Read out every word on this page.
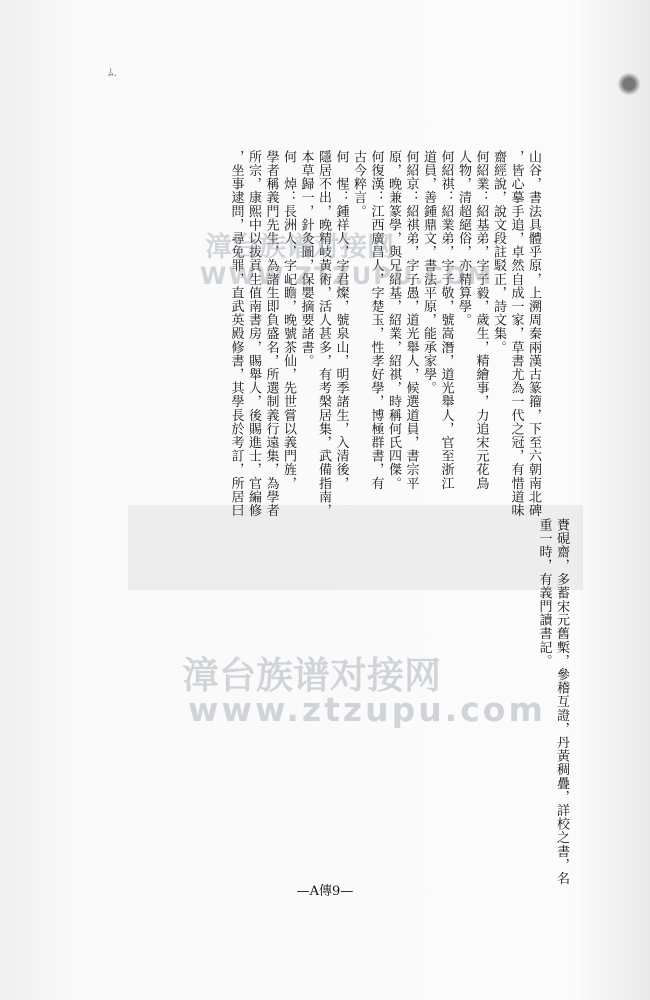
ﾑ.
山谷，書法具體乎原，上溯周秦兩漢古篆籀，下至六朝南北碑
，皆心摹手追，卓然自成一家，草書尤為一代之冠，有惜道味
齋經說，說文段註駁正，詩文集。
何紹業：紹基弟，字子毅，歲生，精繪事，力追宋元花鳥
人物，清超絕俗，亦精算學。
何紹祺：紹業弟，字子敬，號嵩潛，道光舉人，官至浙江
道員，善鍾鼎文，書法平原，能承家學。
何紹京：紹祺弟，字子愚，道光舉人，候選道員，書宗平
原，晚兼篆學，與兄紹基，紹業，紹祺，時稱何氏四傑。
何復漢：江西廣昌人，字楚玉，性孝好學，博極群書，有
古今粹言。
何　惺：鍾祥人，字君燦，號泉山，明季諸生，入清後，
隱居不出，晚精岐黃術，活人甚多，有考槃居集，武備指南，
本草歸一，針灸圖，保嬰摘要諸書。
何　焯：長洲人，字屺瞻，晚號茶仙，先世嘗以義門旌，
學者稱義門先生，為諸生即負盛名，所選制義行遠集，為學者
所宗，康熙中以拔貢生值南書房，賜舉人，後賜進士，官編修
，坐事逮問，尋免罪，直武英殿修書，其學長於考訂，所居曰
賚硯齋，多蓄宋元舊槧，參稽互證，丹黃稠疊，詳校之書，名
重一時，有義門讀書記。
漳台族谱对接网
WWW.ZTZUPU.COM
漳台族谱对接网
www.ztzupu.com
—A傳9—
